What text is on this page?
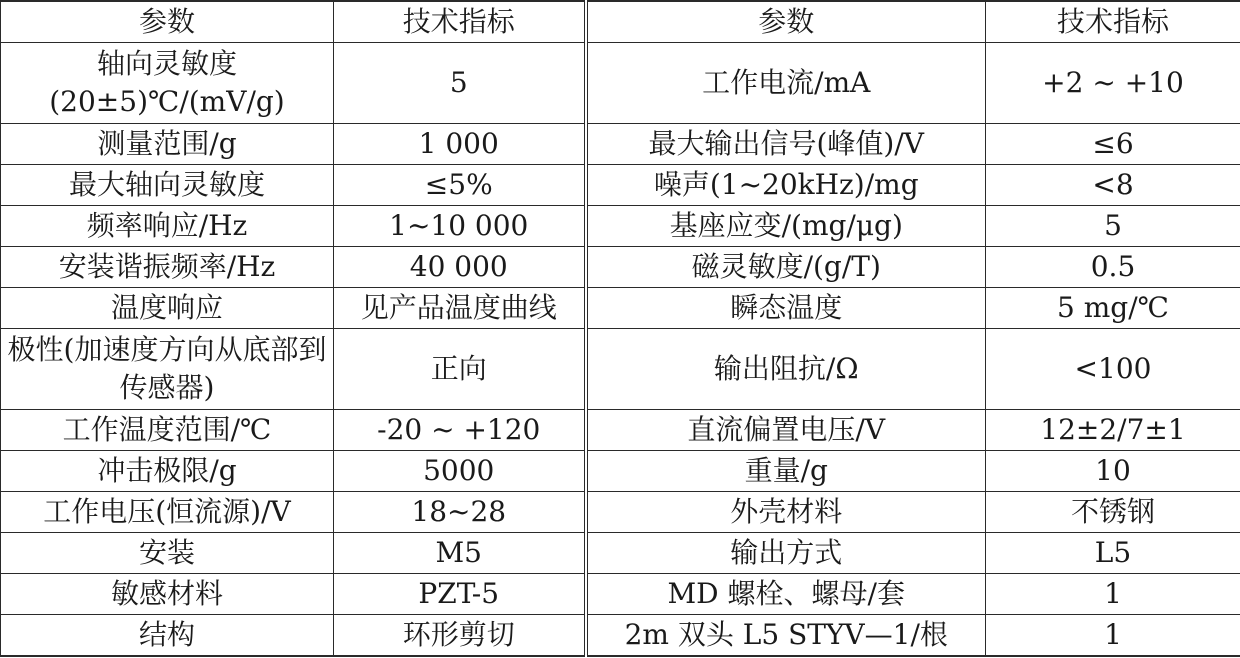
参数	技术指标	参数	技术指标
轴向灵敏度(20±5)℃/(mV/g)	5	工作电流/mA	+2 ~ +10
测量范围/g	1 000	最大输出信号(峰值)/V	≤6
最大轴向灵敏度	≤5%	噪声(1~20kHz)/mg	<8
频率响应/Hz	1~10 000	基座应变/(mg/μg)	5
安装谐振频率/Hz	40 000	磁灵敏度/(g/T)	0.5
温度响应	见产品温度曲线	瞬态温度	5 mg/℃
极性(加速度方向从底部到传感器)	正向	输出阻抗/Ω	<100
工作温度范围/℃	-20 ~ +120	直流偏置电压/V	12±2/7±1
冲击极限/g	5000	重量/g	10
工作电压(恒流源)/V	18~28	外壳材料	不锈钢
安装	M5	输出方式	L5
敏感材料	PZT-5	MD 螺栓、螺母/套	1
结构	环形剪切	2m 双头 L5 STYV—1/根	1
